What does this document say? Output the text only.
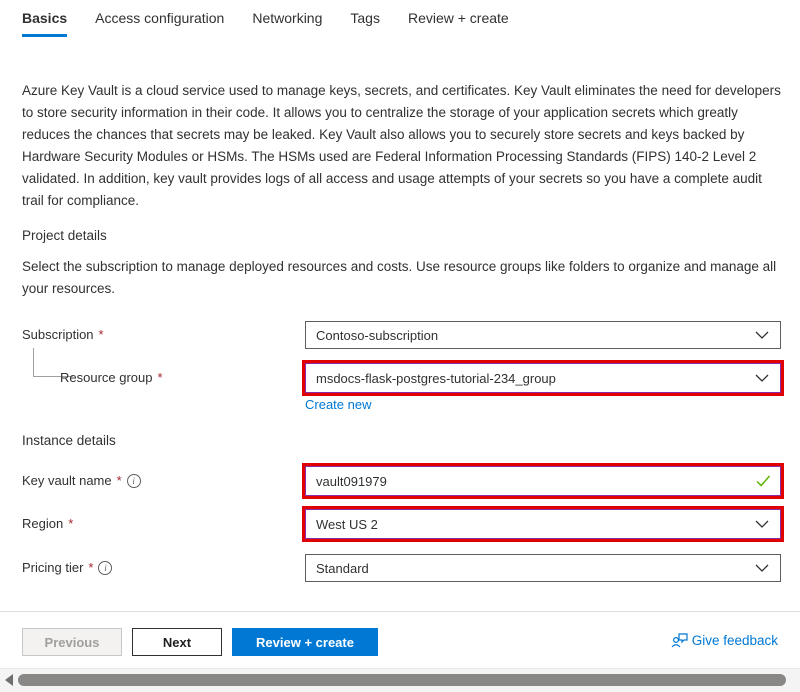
Basics Access configuration Networking Tags Review + create

Azure Key Vault is a cloud service used to manage keys, secrets, and certificates. Key Vault eliminates the need for developers to store security information in their code. It allows you to centralize the storage of your application secrets which greatly reduces the chances that secrets may be leaked. Key Vault also allows you to securely store secrets and keys backed by Hardware Security Modules or HSMs. The HSMs used are Federal Information Processing Standards (FIPS) 140-2 Level 2 validated. In addition, key vault provides logs of all access and usage attempts of your secrets so you have a complete audit trail for compliance.

Project details

Select the subscription to manage deployed resources and costs. Use resource groups like folders to organize and manage all your resources.

Subscription *	Contoso-subscription
Resource group *	msdocs-flask-postgres-tutorial-234_group
Create new
Instance details
Key vault name *	i	vault091979
Region *	West US 2
Pricing tier *	i	Standard
Previous	Next	Review + create	Give feedback
